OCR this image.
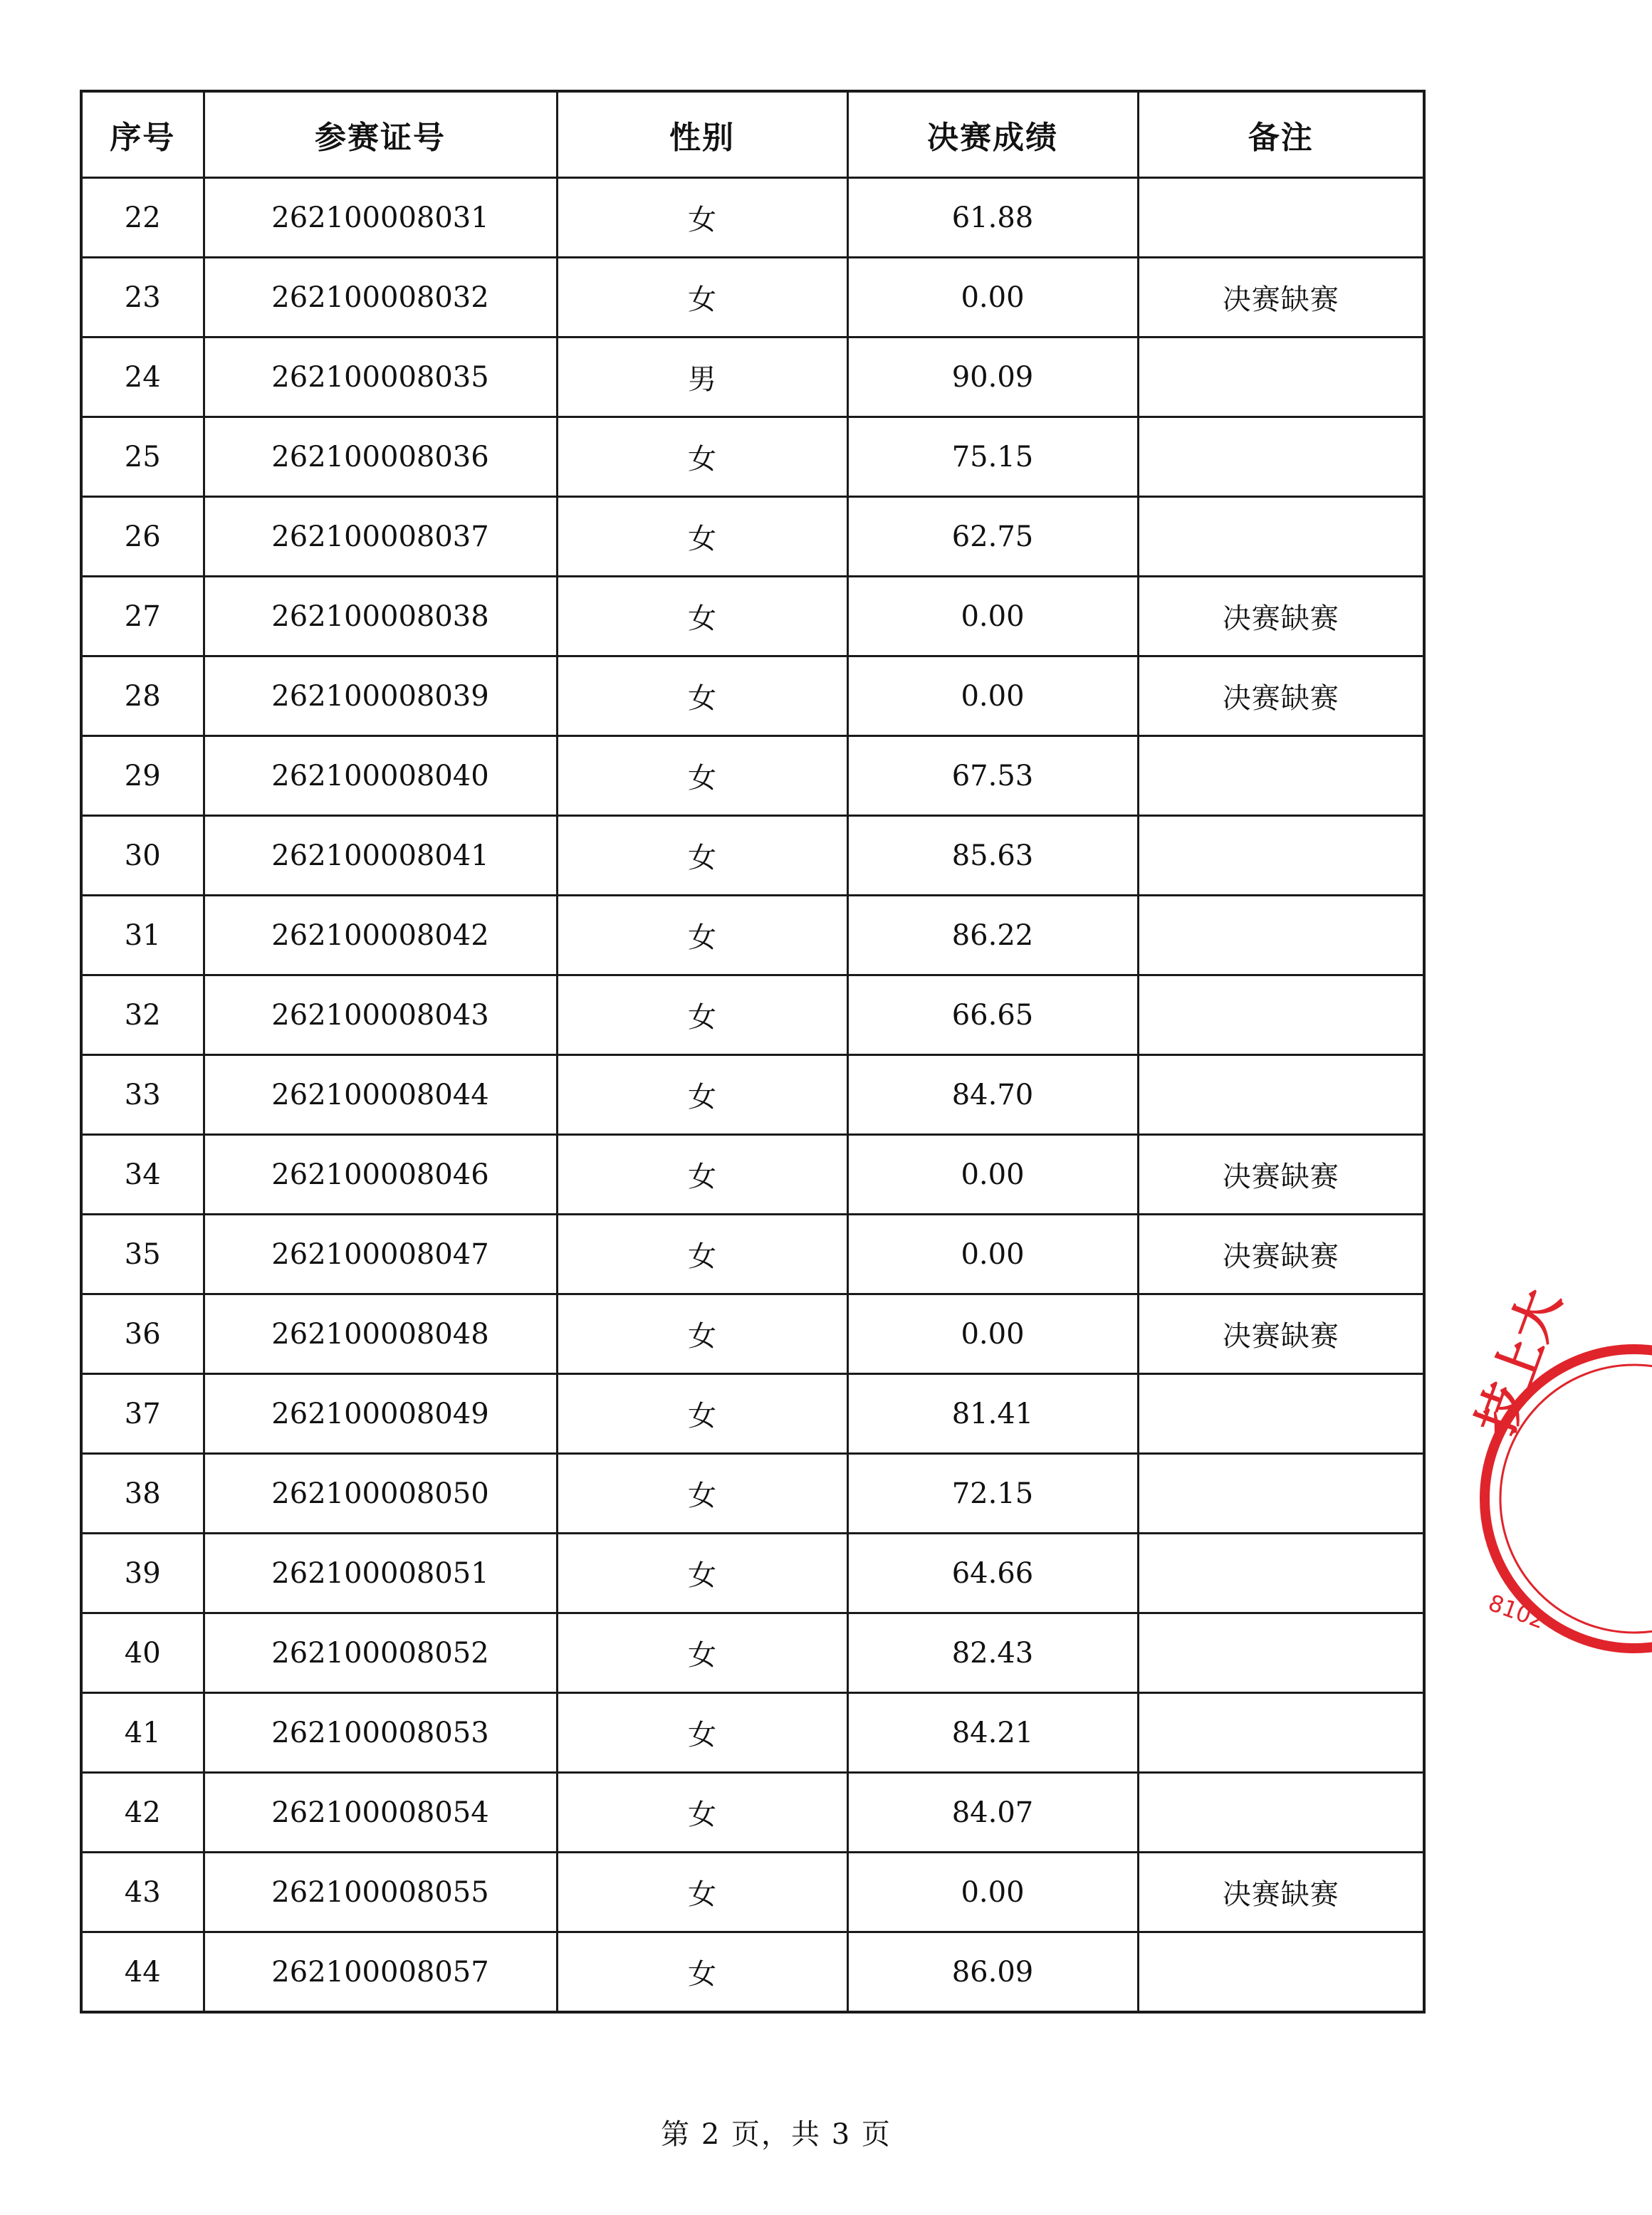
序号	参赛证号	性别	决赛成绩	备注
22	262100008031	女	61.88	
23	262100008032	女	0.00	决赛缺赛
24	262100008035	男	90.09	
25	262100008036	女	75.15	
26	262100008037	女	62.75	
27	262100008038	女	0.00	决赛缺赛
28	262100008039	女	0.00	决赛缺赛
29	262100008040	女	67.53	
30	262100008041	女	85.63	
31	262100008042	女	86.22	
32	262100008043	女	66.65	
33	262100008044	女	84.70	
34	262100008046	女	0.00	决赛缺赛
35	262100008047	女	0.00	决赛缺赛
36	262100008048	女	0.00	决赛缺赛
37	262100008049	女	81.41	
38	262100008050	女	72.15	
39	262100008051	女	64.66	
40	262100008052	女	82.43	
41	262100008053	女	84.21	
42	262100008054	女	84.07	
43	262100008055	女	0.00	决赛缺赛
44	262100008057	女	86.09	
第 2 页，共 3 页
技上大
8102
